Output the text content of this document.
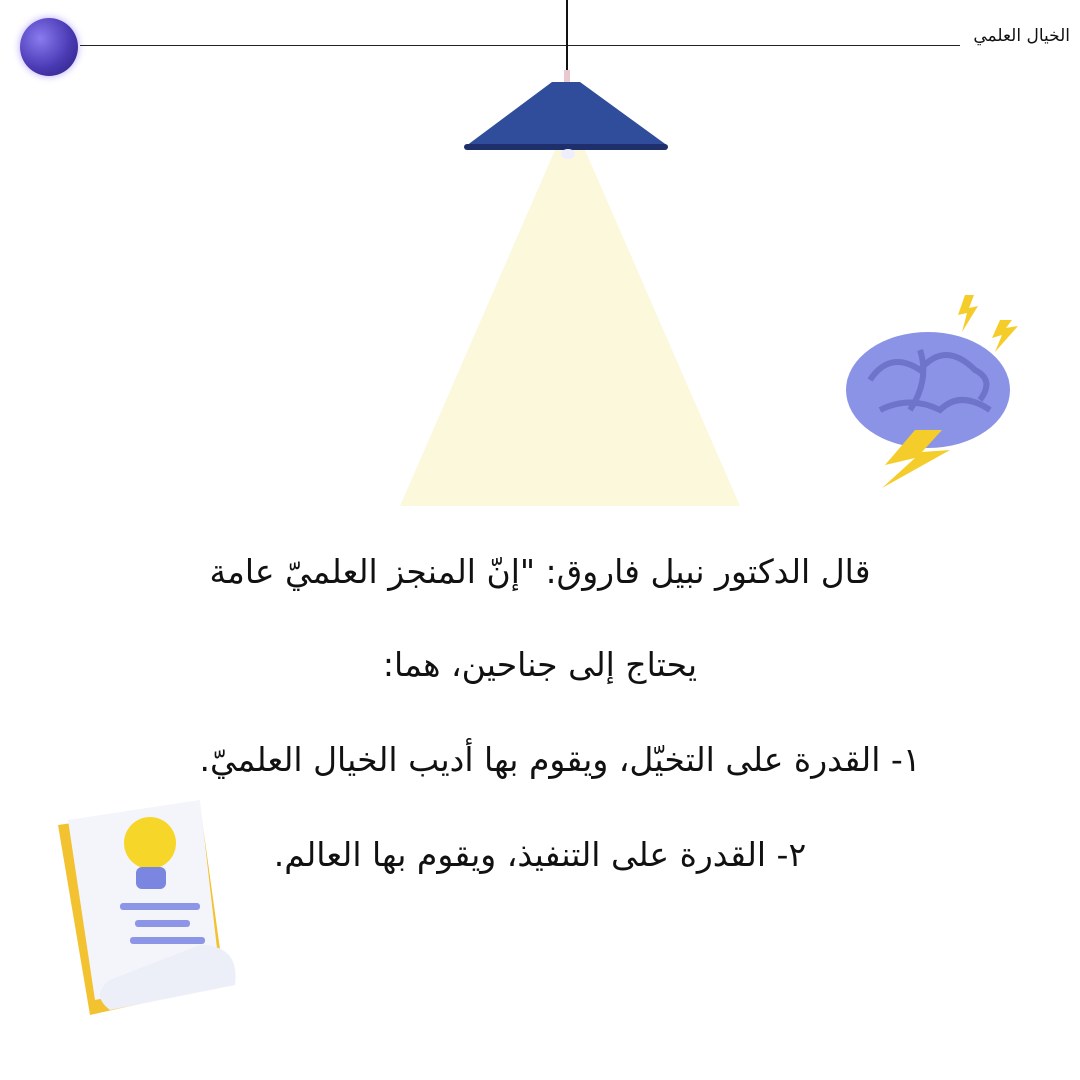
الخيال العلمي
قال الدكتور نبيل فاروق: "إنّ المنجز العلميّ عامة
يحتاج إلى جناحين، هما:
١- القدرة على التخيّل، ويقوم بها أديب الخيال العلميّ.
٢- القدرة على التنفيذ، ويقوم بها العالم.
